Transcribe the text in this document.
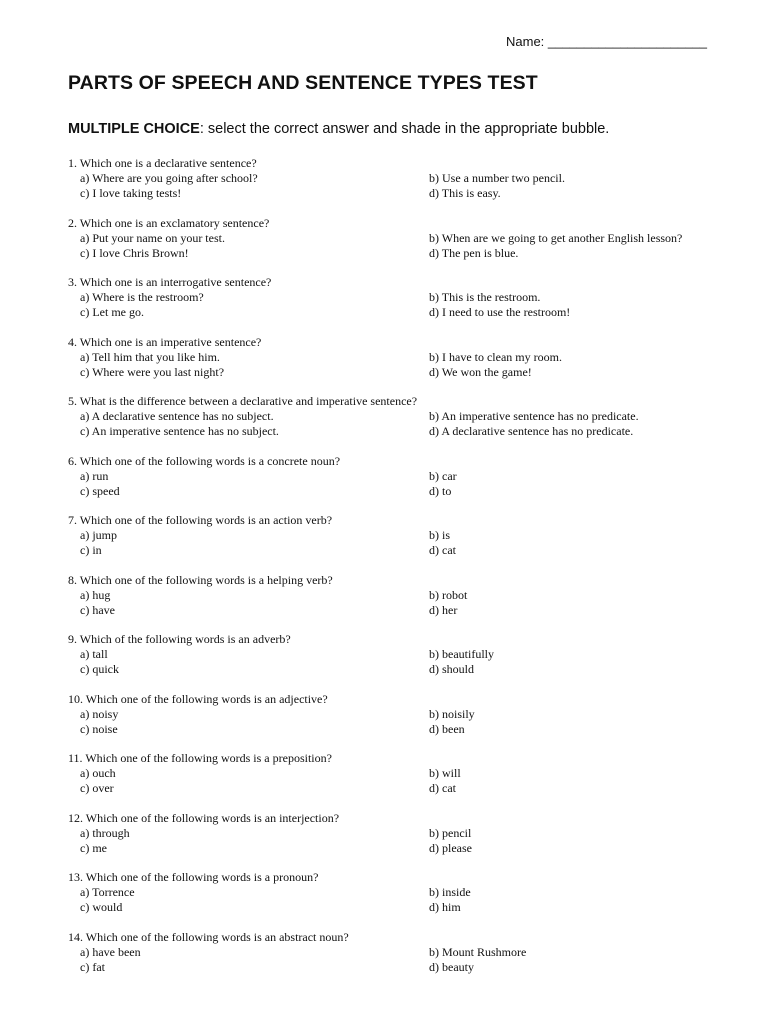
Name: ______________________
PARTS OF SPEECH AND SENTENCE TYPES TEST
MULTIPLE CHOICE: select the correct answer and shade in the appropriate bubble.
1. Which one is a declarative sentence?
a) Where are you going after school?	b) Use a number two pencil.
c) I love taking tests!	d) This is easy.
2. Which one is an exclamatory sentence?
a) Put your name on your test.	b) When are we going to get another English lesson?
c) I love Chris Brown!	d) The pen is blue.
3. Which one is an interrogative sentence?
a) Where is the restroom?	b) This is the restroom.
c) Let me go.	d) I need to use the restroom!
4. Which one is an imperative sentence?
a) Tell him that you like him.	b) I have to clean my room.
c) Where were you last night?	d) We won the game!
5. What is the difference between a declarative and imperative sentence?
a) A declarative sentence has no subject.	b) An imperative sentence has no predicate.
c) An imperative sentence has no subject.	d) A declarative sentence has no predicate.
6. Which one of the following words is a concrete noun?
a) run	b) car
c) speed	d) to
7. Which one of the following words is an action verb?
a) jump	b) is
c) in	d) cat
8. Which one of the following words is a helping verb?
a) hug	b) robot
c) have	d) her
9. Which of the following words is an adverb?
a) tall	b) beautifully
c) quick	d) should
10. Which one of the following words is an adjective?
a) noisy	b) noisily
c) noise	d) been
11. Which one of the following words is a preposition?
a) ouch	b) will
c) over	d) cat
12. Which one of the following words is an interjection?
a) through	b) pencil
c) me	d) please
13. Which one of the following words is a pronoun?
a) Torrence	b) inside
c) would	d) him
14. Which one of the following words is an abstract noun?
a) have been	b) Mount Rushmore
c) fat	d) beauty
